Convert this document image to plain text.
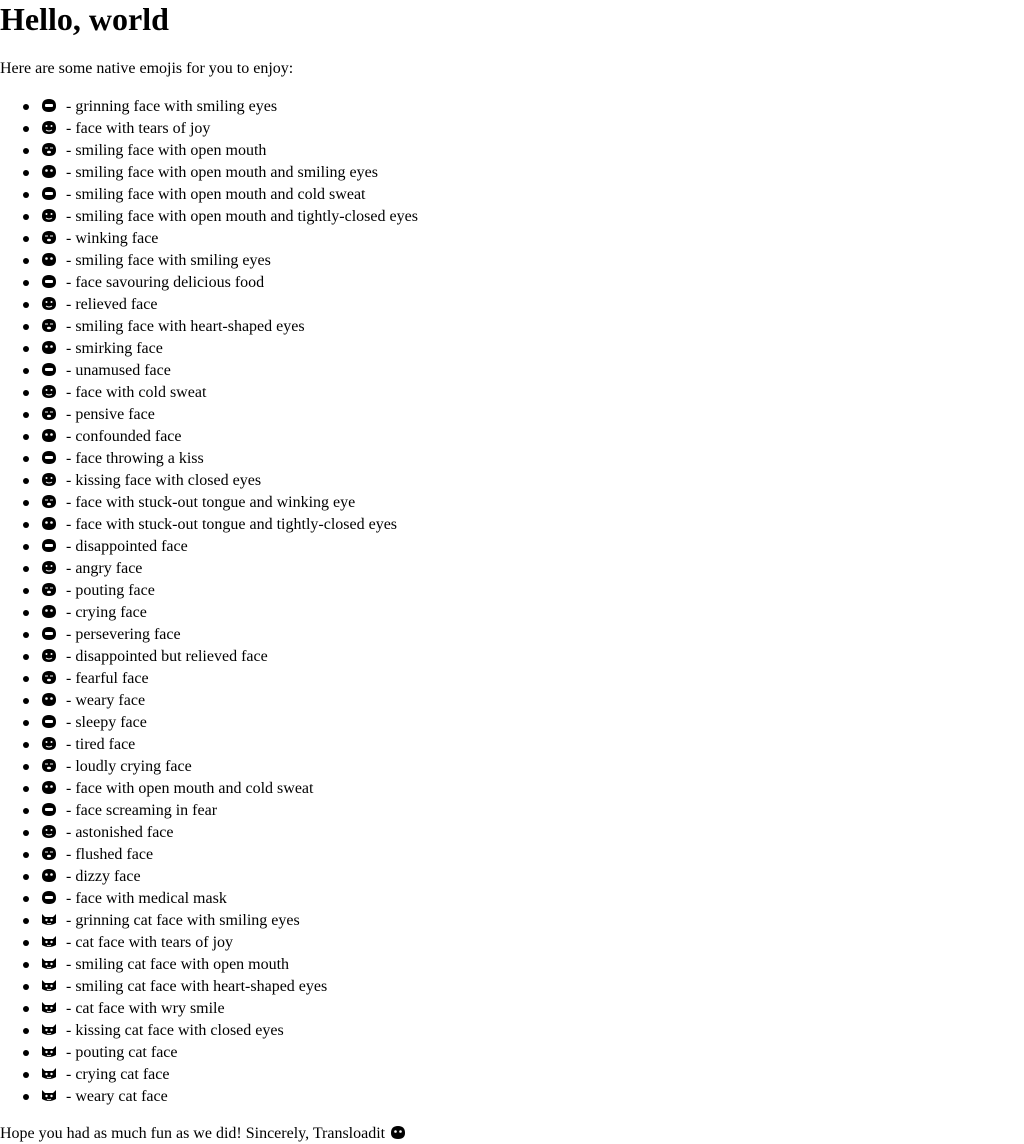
Hello, world

Here are some native emojis for you to enjoy:

- grinning face with smiling eyes
- face with tears of joy
- smiling face with open mouth
- smiling face with open mouth and smiling eyes
- smiling face with open mouth and cold sweat
- smiling face with open mouth and tightly-closed eyes
- winking face
- smiling face with smiling eyes
- face savouring delicious food
- relieved face
- smiling face with heart-shaped eyes
- smirking face
- unamused face
- face with cold sweat
- pensive face
- confounded face
- face throwing a kiss
- kissing face with closed eyes
- face with stuck-out tongue and winking eye
- face with stuck-out tongue and tightly-closed eyes
- disappointed face
- angry face
- pouting face
- crying face
- persevering face
- disappointed but relieved face
- fearful face
- weary face
- sleepy face
- tired face
- loudly crying face
- face with open mouth and cold sweat
- face screaming in fear
- astonished face
- flushed face
- dizzy face
- face with medical mask
- grinning cat face with smiling eyes
- cat face with tears of joy
- smiling cat face with open mouth
- smiling cat face with heart-shaped eyes
- cat face with wry smile
- kissing cat face with closed eyes
- pouting cat face
- crying cat face
- weary cat face

Hope you had as much fun as we did! Sincerely, Transloadit
